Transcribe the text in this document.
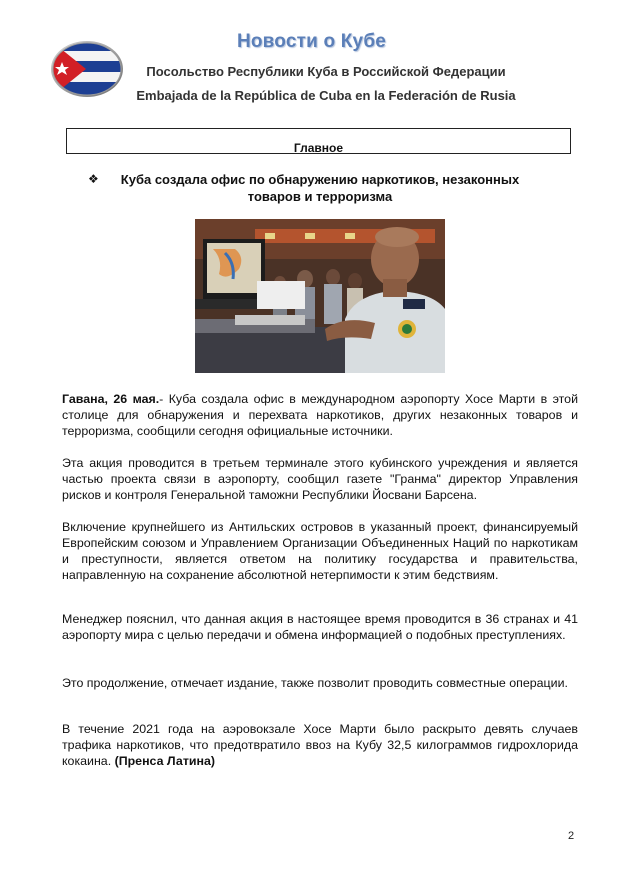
Новости о Кубе
Посольство Республики Куба в Российской Федерации
Embajada de la República de Cuba en la Federación de Rusia
Главное
❖	Куба создала офис по обнаружению наркотиков, незаконных товаров и терроризма
Гавана, 26 мая.- Куба создала офис в международном аэропорту Хосе Марти в этой столице для обнаружения и перехвата наркотиков, других незаконных товаров и терроризма, сообщили сегодня официальные источники.
Эта акция проводится в третьем терминале этого кубинского учреждения и является частью проекта связи в аэропорту, сообщил газете "Гранма" директор Управления рисков и контроля Генеральной таможни Республики Йосвани Барсена.
Включение крупнейшего из Антильских островов в указанный проект, финансируемый Европейским союзом и Управлением Организации Объединенных Наций по наркотикам и преступности, является ответом на политику государства и правительства, направленную на сохранение абсолютной нетерпимости к этим бедствиям.
Менеджер пояснил, что данная акция в настоящее время проводится в 36 странах и 41 аэропорту мира с целью передачи и обмена информацией о подобных преступлениях.
Это продолжение, отмечает издание, также позволит проводить совместные операции.
В течение 2021 года на аэровокзале Хосе Марти было раскрыто девять случаев трафика наркотиков, что предотвратило ввоз на Кубу 32,5 килограммов гидрохлорида кокаина. (Пренса Латина)
2
